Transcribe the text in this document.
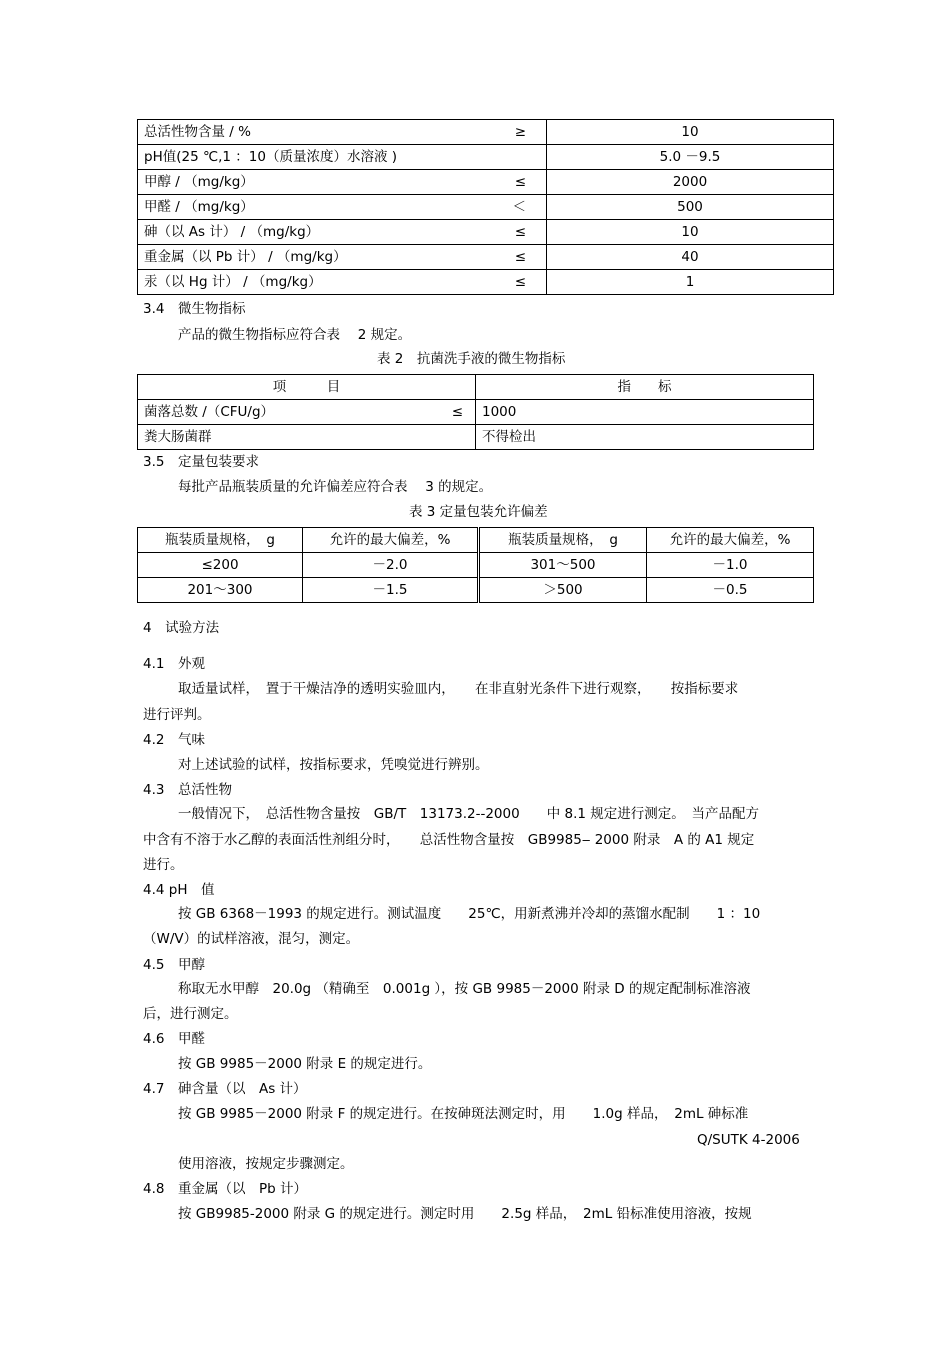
总活性物含量 / % ≥	10
pH值(25 ℃,1 ：10（质量浓度）水溶液 )	5.0 －9.5
甲醇 / （mg/kg） ≤	2000
甲醛 / （mg/kg） ＜	500
砷（以 As 计） / （mg/kg） ≤	10
重金属（以 Pb 计） / （mg/kg） ≤	40
汞（以 Hg 计） / （mg/kg） ≤	1
3.4　微生物指标
产品的微生物指标应符合表　 2 规定。
表 2　抗菌洗手液的微生物指标
项　　　目	指　　标
菌落总数 /（CFU/g） ≤	1000
粪大肠菌群	不得检出
3.5　定量包装要求
每批产品瓶装质量的允许偏差应符合表　 3 的规定。
表 3 定量包装允许偏差
瓶装质量规格，　g	允许的最大偏差，%	瓶装质量规格，　g	允许的最大偏差，%
≤200	－2.0	301～500	－1.0
201～300	－1.5	＞500	－0.5
4　试验方法
4.1　外观
取适量试样，　置于干燥洁净的透明实验皿内，　　在非直射光条件下进行观察，　　按指标要求
进行评判。
4.2　气味
对上述试验的试样，按指标要求，凭嗅觉进行辨别。
4.3　总活性物
一般情况下，　总活性物含量按　GB/T　13173.2--2000　　中 8.1 规定进行测定。　当产品配方
中含有不溶于水乙醇的表面活性剂组分时，　　总活性物含量按　GB9985‒ 2000 附录　A 的 A1 规定
进行。
4.4 pH　值
按 GB 6368－1993 的规定进行。测试温度　　25℃，用新煮沸并冷却的蒸馏水配制　　1 ：10
（W/V）的试样溶液，混匀，测定。
4.5　甲醇
称取无水甲醇　20.0g （精确至　0.001g ），按 GB 9985－2000 附录 D 的规定配制标准溶液
后，进行测定。
4.6　甲醛
按 GB 9985－2000 附录 E 的规定进行。
4.7　砷含量（以　As 计）
按 GB 9985－2000 附录 F 的规定进行。在按砷斑法测定时，用　　1.0g 样品，　2mL 砷标准
Q/SUTK 4-2006
使用溶液，按规定步骤测定。
4.8　重金属（以　Pb 计）
按 GB9985-2000 附录 G 的规定进行。测定时用　　2.5g 样品，　2mL 铅标准使用溶液，按规
